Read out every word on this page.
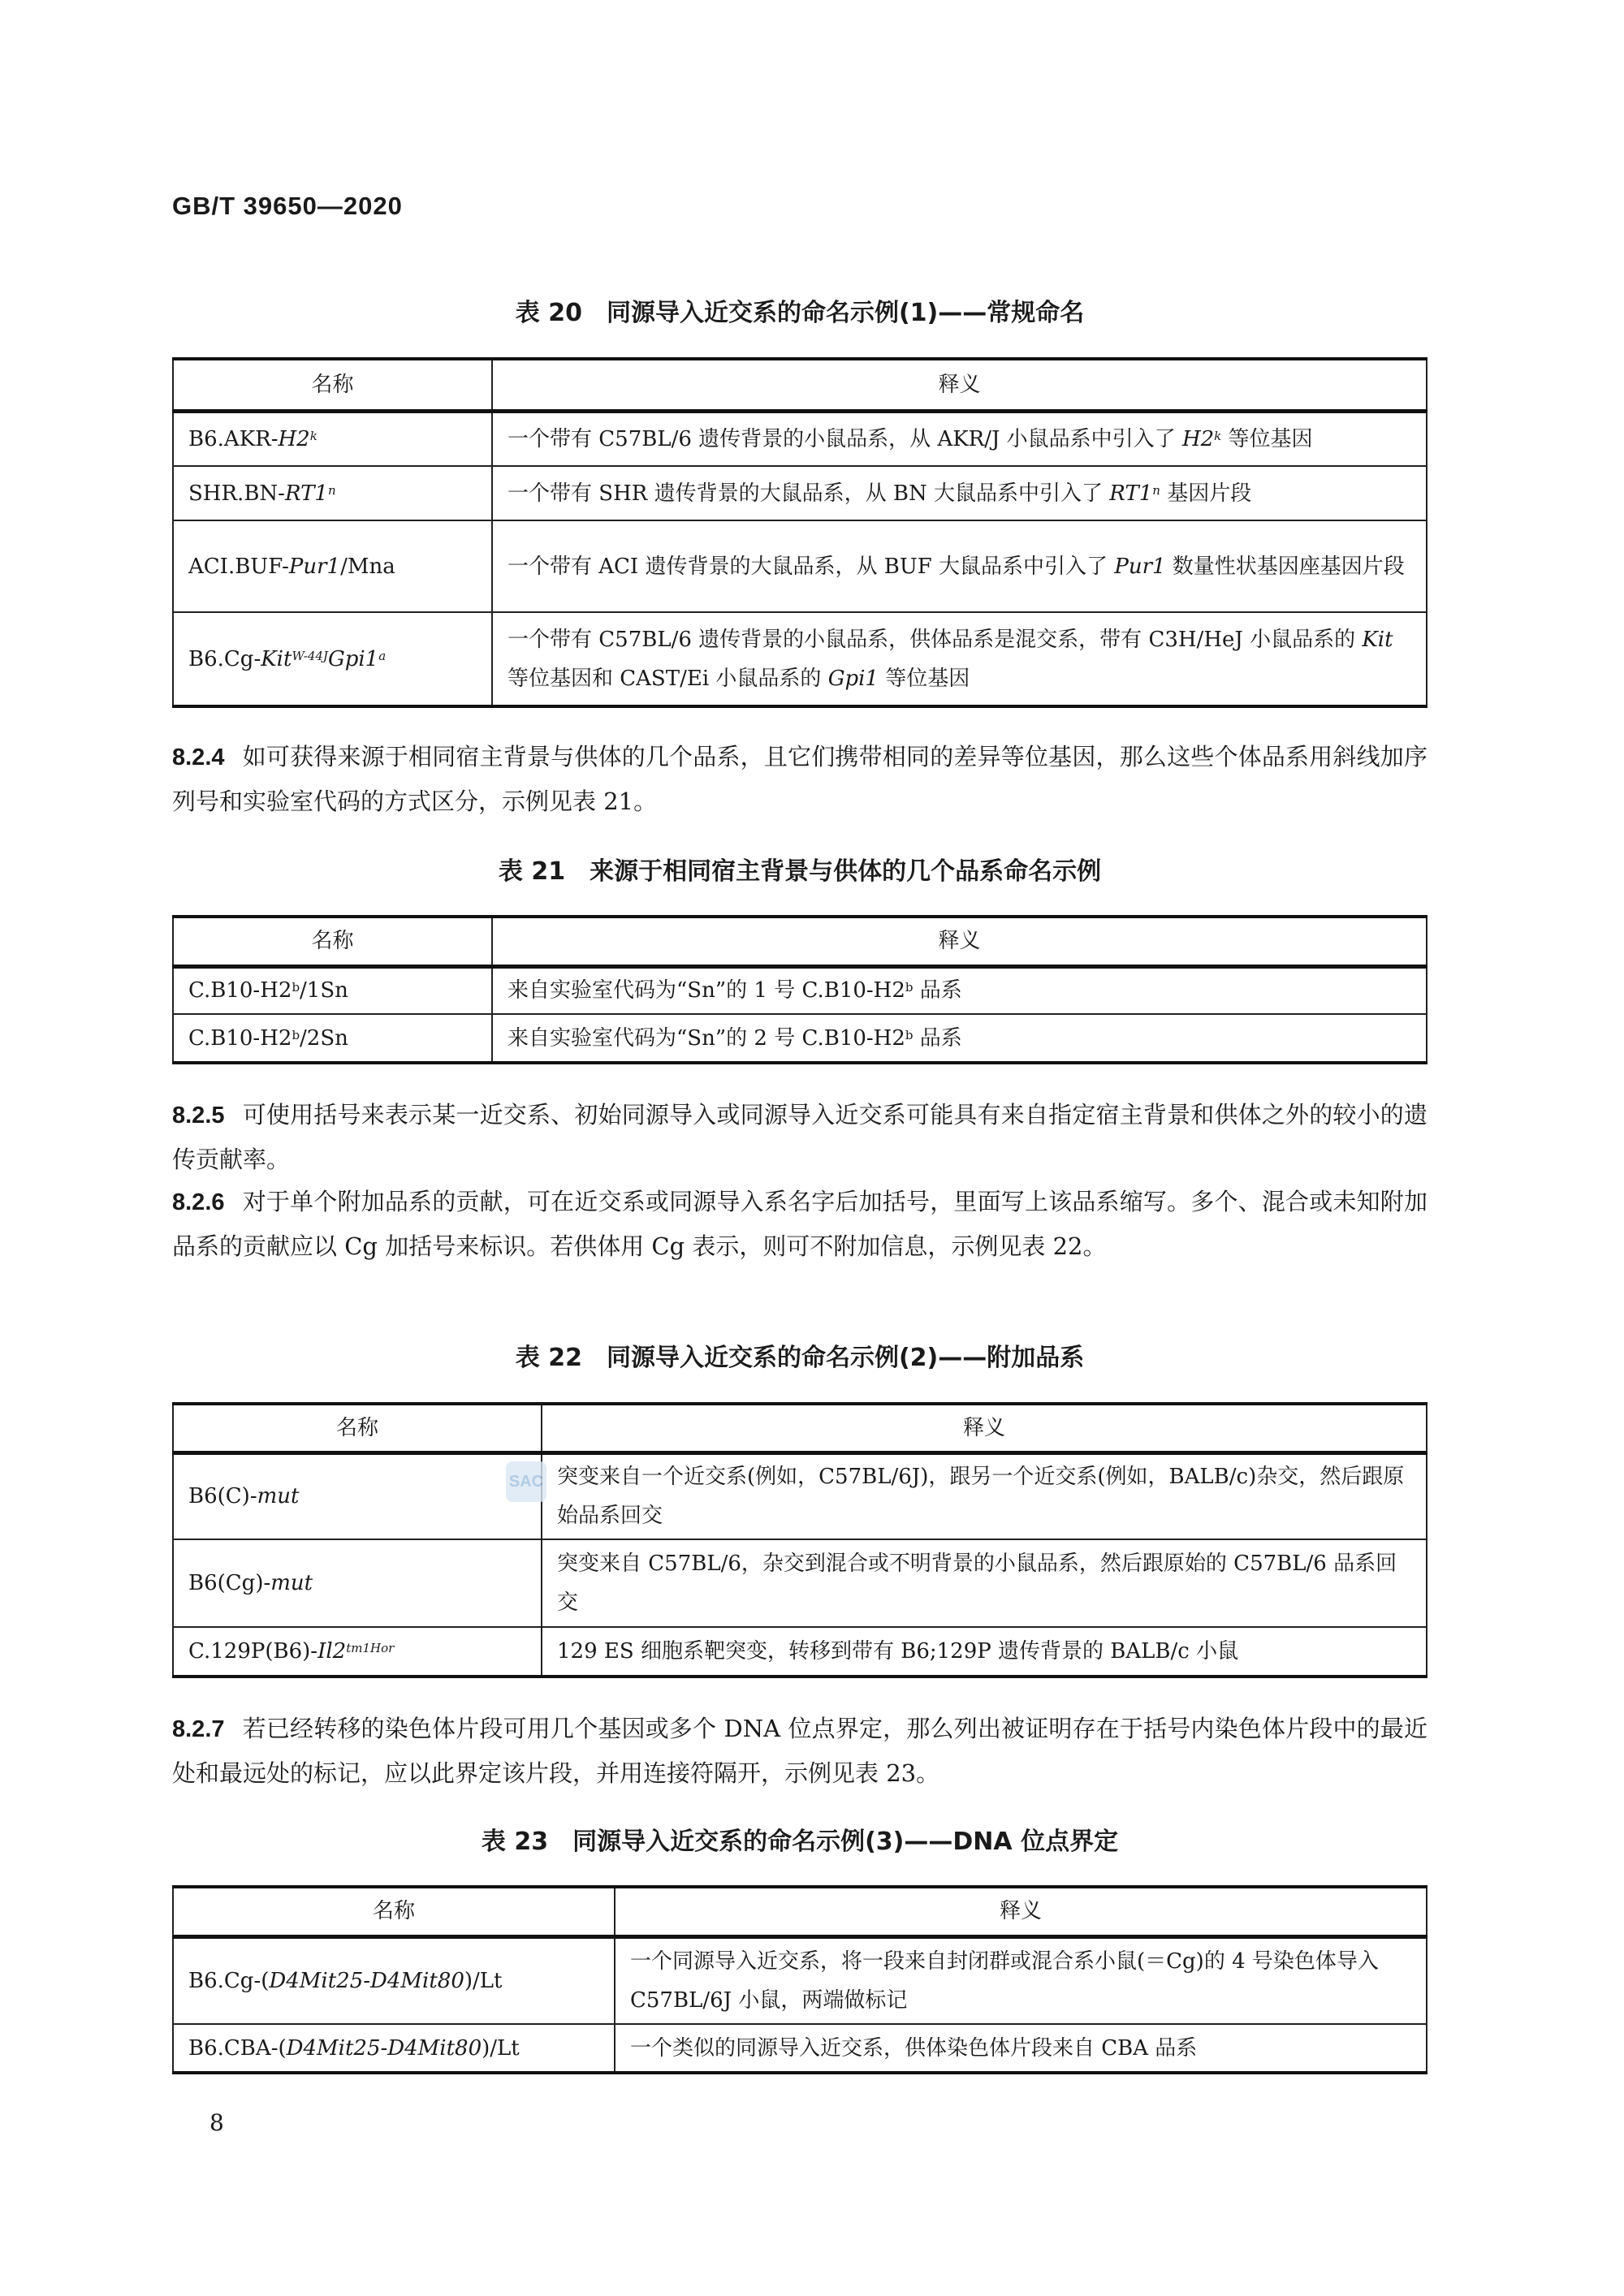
GB/T 39650—2020
表 20　同源导入近交系的命名示例(1)——常规命名
名称	释义
B6.AKR-H2$^k$	一个带有 C57BL/6 遗传背景的小鼠品系，从 AKR/J 小鼠品系中引入了 H2$^k$ 等位基因
SHR.BN-RT1$^n$	一个带有 SHR 遗传背景的大鼠品系，从 BN 大鼠品系中引入了 RT1$^n$ 基因片段
ACI.BUF-Pur1/Mna	一个带有 ACI 遗传背景的大鼠品系，从 BUF 大鼠品系中引入了 Pur1 数量性状基因座基因片段
B6.Cg-Kit$^{W-44J}$Gpi1$^a$	一个带有 C57BL/6 遗传背景的小鼠品系，供体品系是混交系，带有 C3H/HeJ 小鼠品系的 Kit 等位基因和 CAST/Ei 小鼠品系的 Gpi1 等位基因
8.2.4 如可获得来源于相同宿主背景与供体的几个品系，且它们携带相同的差异等位基因，那么这些个体品系用斜线加序列号和实验室代码的方式区分，示例见表 21。
表 21　来源于相同宿主背景与供体的几个品系命名示例
名称	释义
C.B10-H2$^b$/1Sn	来自实验室代码为“Sn”的 1 号 C.B10-H2$^b$ 品系
C.B10-H2$^b$/2Sn	来自实验室代码为“Sn”的 2 号 C.B10-H2$^b$ 品系
8.2.5 可使用括号来表示某一近交系、初始同源导入或同源导入近交系可能具有来自指定宿主背景和供体之外的较小的遗传贡献率。
8.2.6 对于单个附加品系的贡献，可在近交系或同源导入系名字后加括号，里面写上该品系缩写。多个、混合或未知附加品系的贡献应以 Cg 加括号来标识。若供体用 Cg 表示，则可不附加信息，示例见表 22。
表 22　同源导入近交系的命名示例(2)——附加品系
名称	释义
B6(C)-mut	突变来自一个近交系(例如，C57BL/6J)，跟另一个近交系(例如，BALB/c)杂交，然后跟原始品系回交
B6(Cg)-mut	突变来自 C57BL/6，杂交到混合或不明背景的小鼠品系，然后跟原始的 C57BL/6 品系回交
$C.129P(B6)-Il2^{tm1Hor}$	129 ES 细胞系靶突变，转移到带有 B6;129P 遗传背景的 BALB/c 小鼠
SAC
8.2.7 若已经转移的染色体片段可用几个基因或多个 DNA 位点界定，那么列出被证明存在于括号内染色体片段中的最近处和最远处的标记，应以此界定该片段，并用连接符隔开，示例见表 23。
表 23　同源导入近交系的命名示例(3)——DNA 位点界定
名称	释义
B6.Cg-(D4Mit25-D4Mit80)/Lt	一个同源导入近交系，将一段来自封闭群或混合系小鼠(＝Cg)的 4 号染色体导入 C57BL/6J 小鼠，两端做标记
B6.CBA-(D4Mit25-D4Mit80)/Lt	一个类似的同源导入近交系，供体染色体片段来自 CBA 品系
8
